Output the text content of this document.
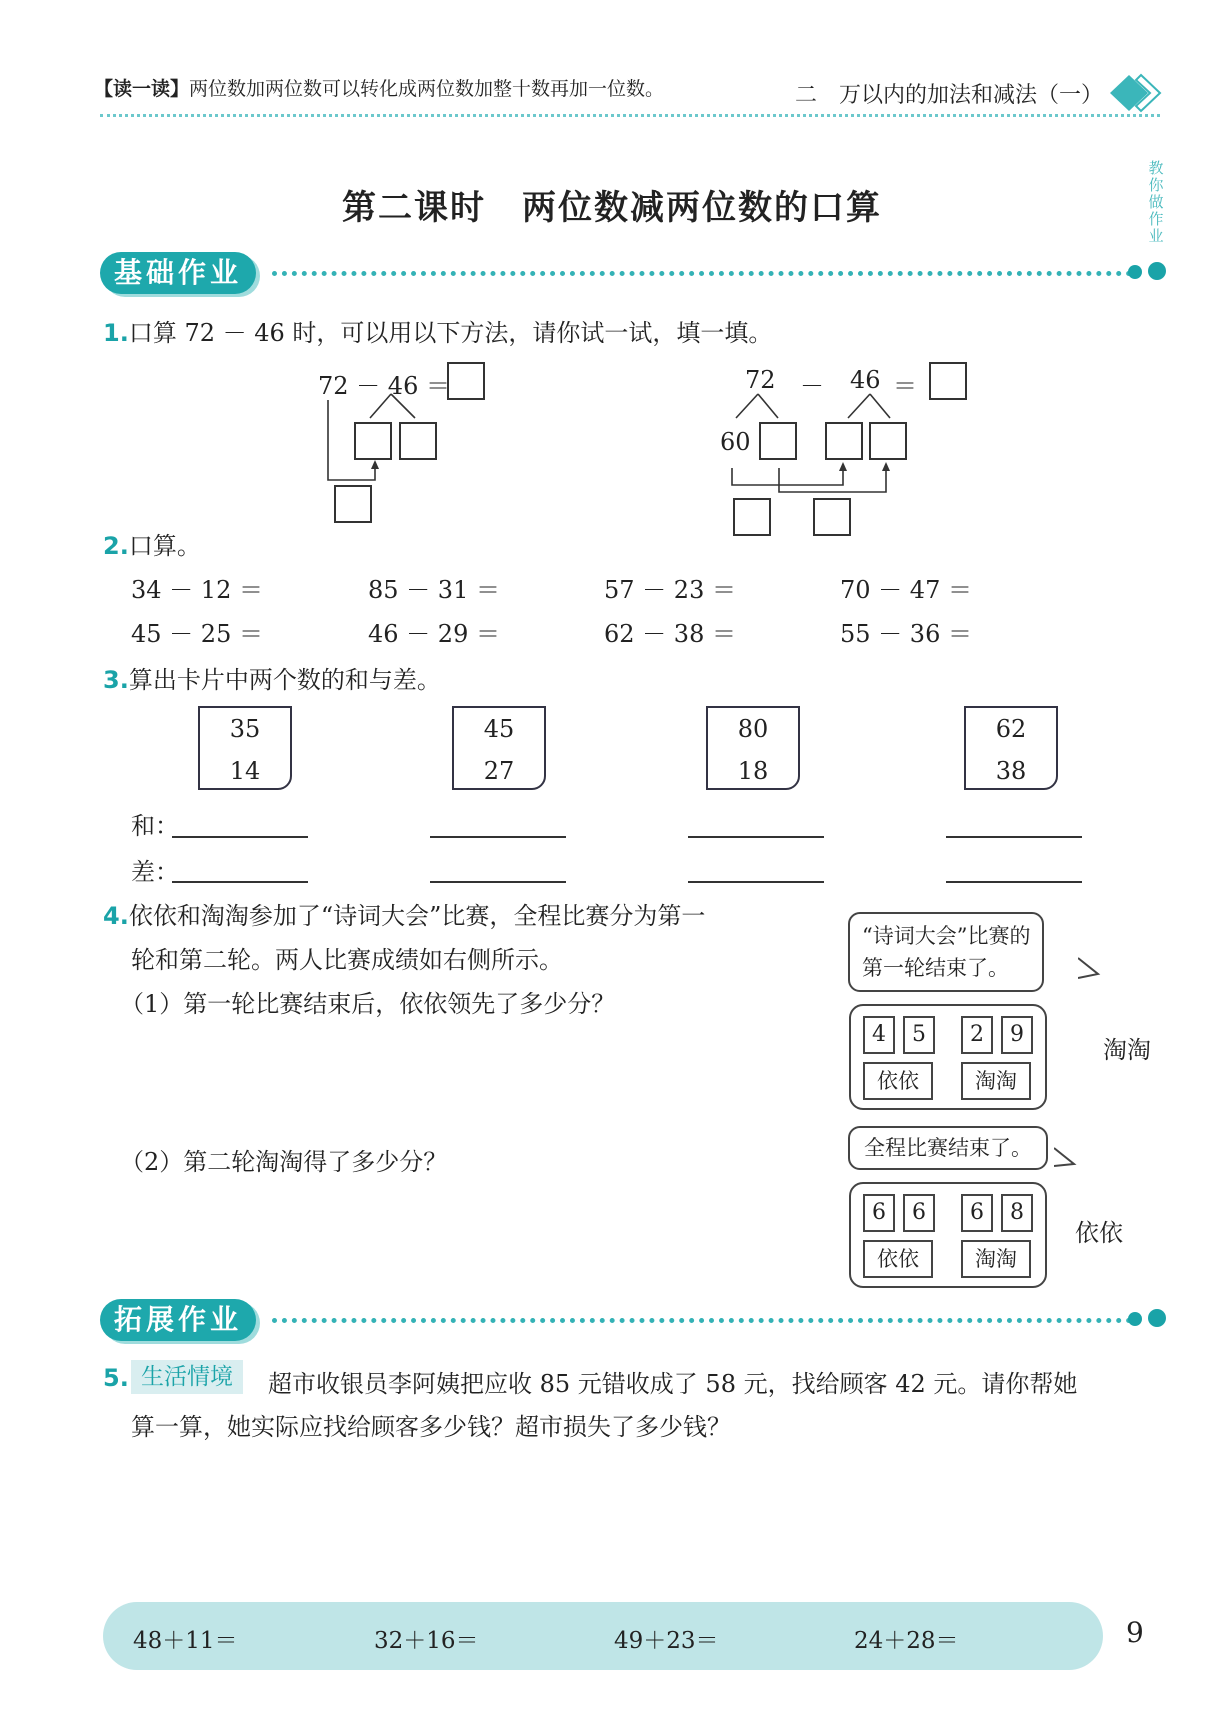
【读一读】两位数加两位数可以转化成两位数加整十数再加一位数。	二　万以内的加法和减法（一）
教
你
做
作
业
第二课时　两位数减两位数的口算
基础作业
1.口算 72 － 46 时，可以用以下方法，请你试一试，填一填。
72 － 46 ＝	72 － 46 ＝
60
2.口算。
34 － 12 ＝	85 － 31 ＝	57 － 23 ＝	70 － 47 ＝
45 － 25 ＝	46 － 29 ＝	62 － 38 ＝	55 － 36 ＝
3.算出卡片中两个数的和与差。
35
14
45
27
80
18
62
38
和：
差：
4.依依和淘淘参加了“诗词大会”比赛，全程比赛分为第一
轮和第二轮。两人比赛成绩如右侧所示。
（1）第一轮比赛结束后，依依领先了多少分？
（2）第二轮淘淘得了多少分？
“诗词大会”比赛的
第一轮结束了。
4	5	2	9
依依	淘淘
淘淘
全程比赛结束了。
6	6	6	8
依依	淘淘
依依
拓展作业
5. 生活情境	超市收银员李阿姨把应收 85 元错收成了 58 元，找给顾客 42 元。请你帮她
算一算，她实际应找给顾客多少钱？超市损失了多少钱？
48＋11＝	32＋16＝	49＋23＝	24＋28＝	9
